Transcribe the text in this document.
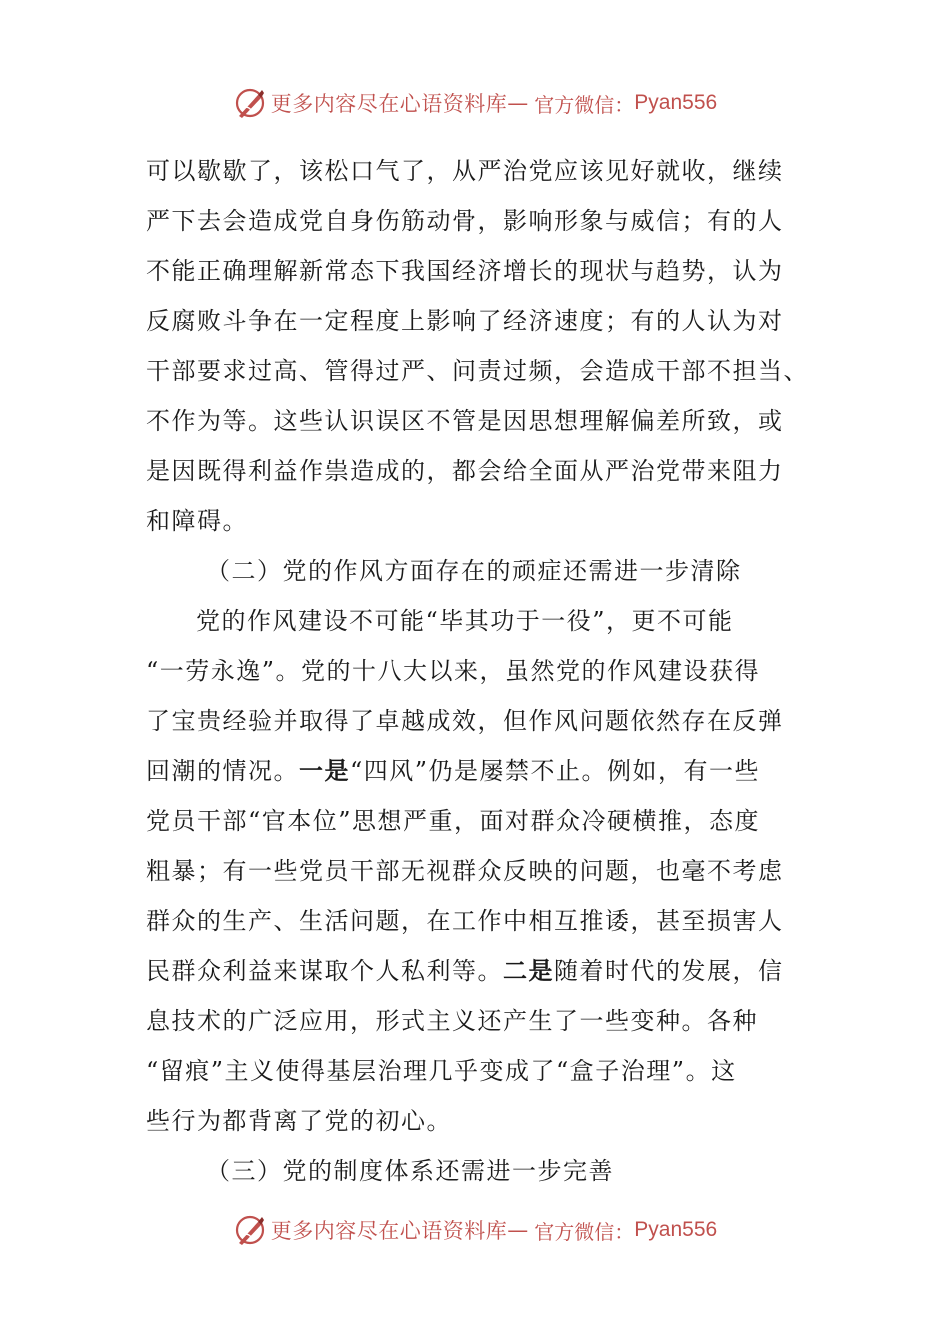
更多内容尽在心语资料库 — 官方微信： Pyan556
可以歇歇了，该松口气了，从严治党应该见好就收，继续
严下去会造成党自身伤筋动骨，影响形象与威信；有的人
不能正确理解新常态下我国经济增长的现状与趋势，认为
反腐败斗争在一定程度上影响了经济速度；有的人认为对
干部要求过高、管得过严、问责过频，会造成干部不担当、
不作为等。这些认识误区不管是因思想理解偏差所致，或
是因既得利益作祟造成的，都会给全面从严治党带来阻力
和障碍。
（二）党的作风方面存在的顽症还需进一步清除
党的作风建设不可能“毕其功于一役”，更不可能
“一劳永逸”。党的十八大以来，虽然党的作风建设获得
了宝贵经验并取得了卓越成效，但作风问题依然存在反弹
回潮的情况。一是“四风”仍是屡禁不止。例如，有一些
党员干部“官本位”思想严重，面对群众冷硬横推，态度
粗暴；有一些党员干部无视群众反映的问题，也毫不考虑
群众的生产、生活问题，在工作中相互推诿，甚至损害人
民群众利益来谋取个人私利等。二是随着时代的发展，信
息技术的广泛应用，形式主义还产生了一些变种。各种
“留痕”主义使得基层治理几乎变成了“盒子治理”。这
些行为都背离了党的初心。
（三）党的制度体系还需进一步完善
更多内容尽在心语资料库 — 官方微信： Pyan556
